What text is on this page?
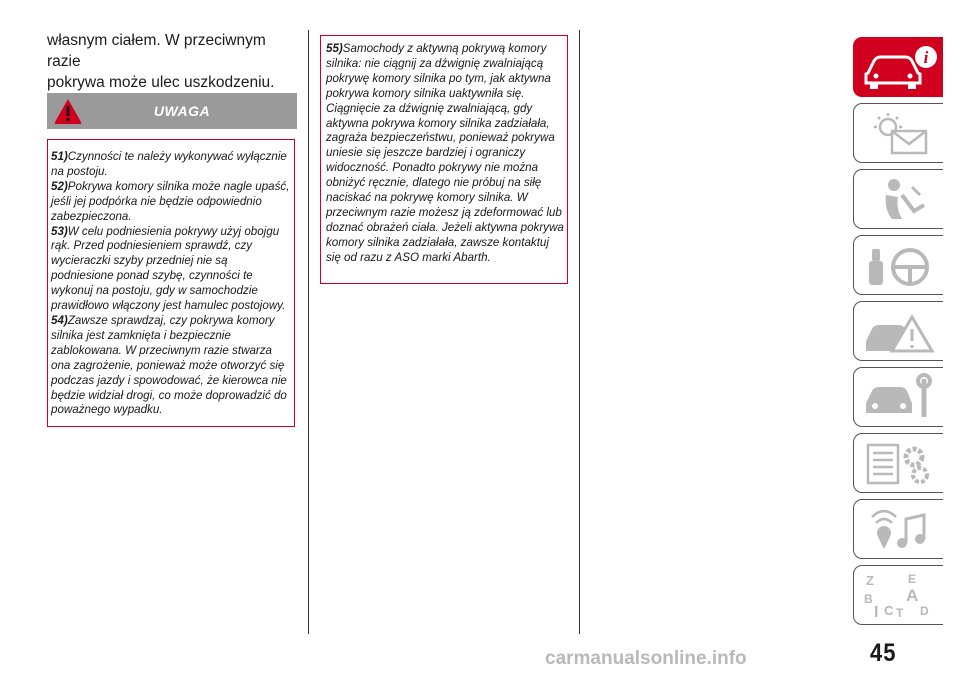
własnym ciałem. W przeciwnym razie
pokrywa może ulec uszkodzeniu.
UWAGA
51)Czynności te należy wykonywać wyłącznie na postoju.
52)Pokrywa komory silnika może nagle upaść, jeśli jej podpórka nie będzie odpowiednio zabezpieczona.
53)W celu podniesienia pokrywy użyj obojgu rąk. Przed podniesieniem sprawdź, czy wycieraczki szyby przedniej nie są podniesione ponad szybę, czynności te wykonuj na postoju, gdy w samochodzie prawidłowo włączony jest hamulec postojowy.
54)Zawsze sprawdzaj, czy pokrywa komory silnika jest zamknięta i bezpiecznie zablokowana. W przeciwnym razie stwarza ona zagrożenie, ponieważ może otworzyć się podczas jazdy i spowodować, że kierowca nie będzie widział drogi, co może doprowadzić do poważnego wypadku.
55)Samochody z aktywną pokrywą komory silnika: nie ciągnij za dźwignię zwalniającą pokrywę komory silnika po tym, jak aktywna pokrywa komory silnika uaktywniła się. Ciągnięcie za dźwignię zwalniającą, gdy aktywna pokrywa komory silnika zadziałała, zagraża bezpieczeństwu, ponieważ pokrywa uniesie się jeszcze bardziej i ograniczy widoczność. Ponadto pokrywy nie można obniżyć ręcznie, dlatego nie próbuj na siłę naciskać na pokrywę komory silnika. W przeciwnym razie możesz ją zdeformować lub doznać obrażeń ciała. Jeżeli aktywna pokrywa komory silnika zadziałała, zawsze kontaktuj się od razu z ASO marki Abarth.
i
Z	E
B A
I C T D
45
carmanualsonline.info
